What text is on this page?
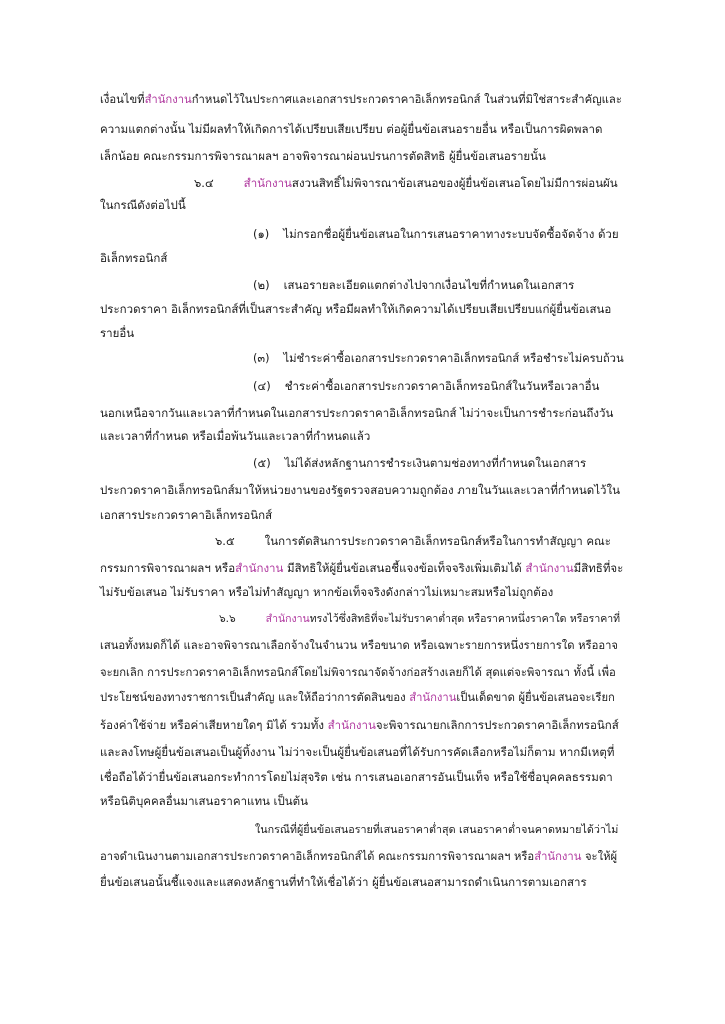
เงื่อนไขที่สำนักงานกำหนดไว้ในประกาศและเอกสารประกวดราคาอิเล็กทรอนิกส์ ในส่วนที่มิใช่สาระสำคัญและ
ความแตกต่างนั้น ไม่มีผลทำให้เกิดการได้เปรียบเสียเปรียบ ต่อผู้ยื่นข้อเสนอรายอื่น หรือเป็นการผิดพลาด
เล็กน้อย คณะกรรมการพิจารณาผลฯ อาจพิจารณาผ่อนปรนการตัดสิทธิ ผู้ยื่นข้อเสนอรายนั้น
๖.๔	สำนักงานสงวนสิทธิ์ไม่พิจารณาข้อเสนอของผู้ยื่นข้อเสนอโดยไม่มีการผ่อนผัน
ในกรณีดังต่อไปนี้
(๑) ไม่กรอกชื่อผู้ยื่นข้อเสนอในการเสนอราคาทางระบบจัดซื้อจัดจ้าง ด้วย
อิเล็กทรอนิกส์
(๒) เสนอรายละเอียดแตกต่างไปจากเงื่อนไขที่กำหนดในเอกสาร
ประกวดราคา อิเล็กทรอนิกส์ที่เป็นสาระสำคัญ หรือมีผลทำให้เกิดความได้เปรียบเสียเปรียบแก่ผู้ยื่นข้อเสนอ
รายอื่น
(๓) ไม่ชำระค่าซื้อเอกสารประกวดราคาอิเล็กทรอนิกส์ หรือชำระไม่ครบถ้วน
(๔) ชำระค่าซื้อเอกสารประกวดราคาอิเล็กทรอนิกส์ในวันหรือเวลาอื่น
นอกเหนือจากวันและเวลาที่กำหนดในเอกสารประกวดราคาอิเล็กทรอนิกส์ ไม่ว่าจะเป็นการชำระก่อนถึงวัน
และเวลาที่กำหนด หรือเมื่อพ้นวันและเวลาที่กำหนดแล้ว
(๕) ไม่ได้ส่งหลักฐานการชำระเงินตามช่องทางที่กำหนดในเอกสาร
ประกวดราคาอิเล็กทรอนิกส์มาให้หน่วยงานของรัฐตรวจสอบความถูกต้อง ภายในวันและเวลาที่กำหนดไว้ใน
เอกสารประกวดราคาอิเล็กทรอนิกส์
๖.๕	ในการตัดสินการประกวดราคาอิเล็กทรอนิกส์หรือในการทำสัญญา คณะ
กรรมการพิจารณาผลฯ หรือสำนักงาน มีสิทธิให้ผู้ยื่นข้อเสนอชี้แจงข้อเท็จจริงเพิ่มเติมได้ สำนักงานมีสิทธิที่จะ
ไม่รับข้อเสนอ ไม่รับราคา หรือไม่ทำสัญญา หากข้อเท็จจริงดังกล่าวไม่เหมาะสมหรือไม่ถูกต้อง
๖.๖	สำนักงานทรงไว้ซึ่งสิทธิที่จะไม่รับราคาต่ำสุด หรือราคาหนึ่งราคาใด หรือราคาที่
เสนอทั้งหมดก็ได้ และอาจพิจารณาเลือกจ้างในจำนวน หรือขนาด หรือเฉพาะรายการหนึ่งรายการใด หรืออาจ
จะยกเลิก การประกวดราคาอิเล็กทรอนิกส์โดยไม่พิจารณาจัดจ้างก่อสร้างเลยก็ได้ สุดแต่จะพิจารณา ทั้งนี้ เพื่อ
ประโยชน์ของทางราชการเป็นสำคัญ และให้ถือว่าการตัดสินของ สำนักงานเป็นเด็ดขาด ผู้ยื่นข้อเสนอจะเรียก
ร้องค่าใช้จ่าย หรือค่าเสียหายใดๆ มิได้ รวมทั้ง สำนักงานจะพิจารณายกเลิกการประกวดราคาอิเล็กทรอนิกส์
และลงโทษผู้ยื่นข้อเสนอเป็นผู้ทิ้งงาน ไม่ว่าจะเป็นผู้ยื่นข้อเสนอที่ได้รับการคัดเลือกหรือไม่ก็ตาม หากมีเหตุที่
เชื่อถือได้ว่ายื่นข้อเสนอกระทำการโดยไม่สุจริต เช่น การเสนอเอกสารอันเป็นเท็จ หรือใช้ชื่อบุคคลธรรมดา
หรือนิติบุคคลอื่นมาเสนอราคาแทน เป็นต้น
ในกรณีที่ผู้ยื่นข้อเสนอรายที่เสนอราคาต่ำสุด เสนอราคาต่ำจนคาดหมายได้ว่าไม่
อาจดำเนินงานตามเอกสารประกวดราคาอิเล็กทรอนิกส์ได้ คณะกรรมการพิจารณาผลฯ หรือสำนักงาน จะให้ผู้
ยื่นข้อเสนอนั้นชี้แจงและแสดงหลักฐานที่ทำให้เชื่อได้ว่า ผู้ยื่นข้อเสนอสามารถดำเนินการตามเอกสาร
